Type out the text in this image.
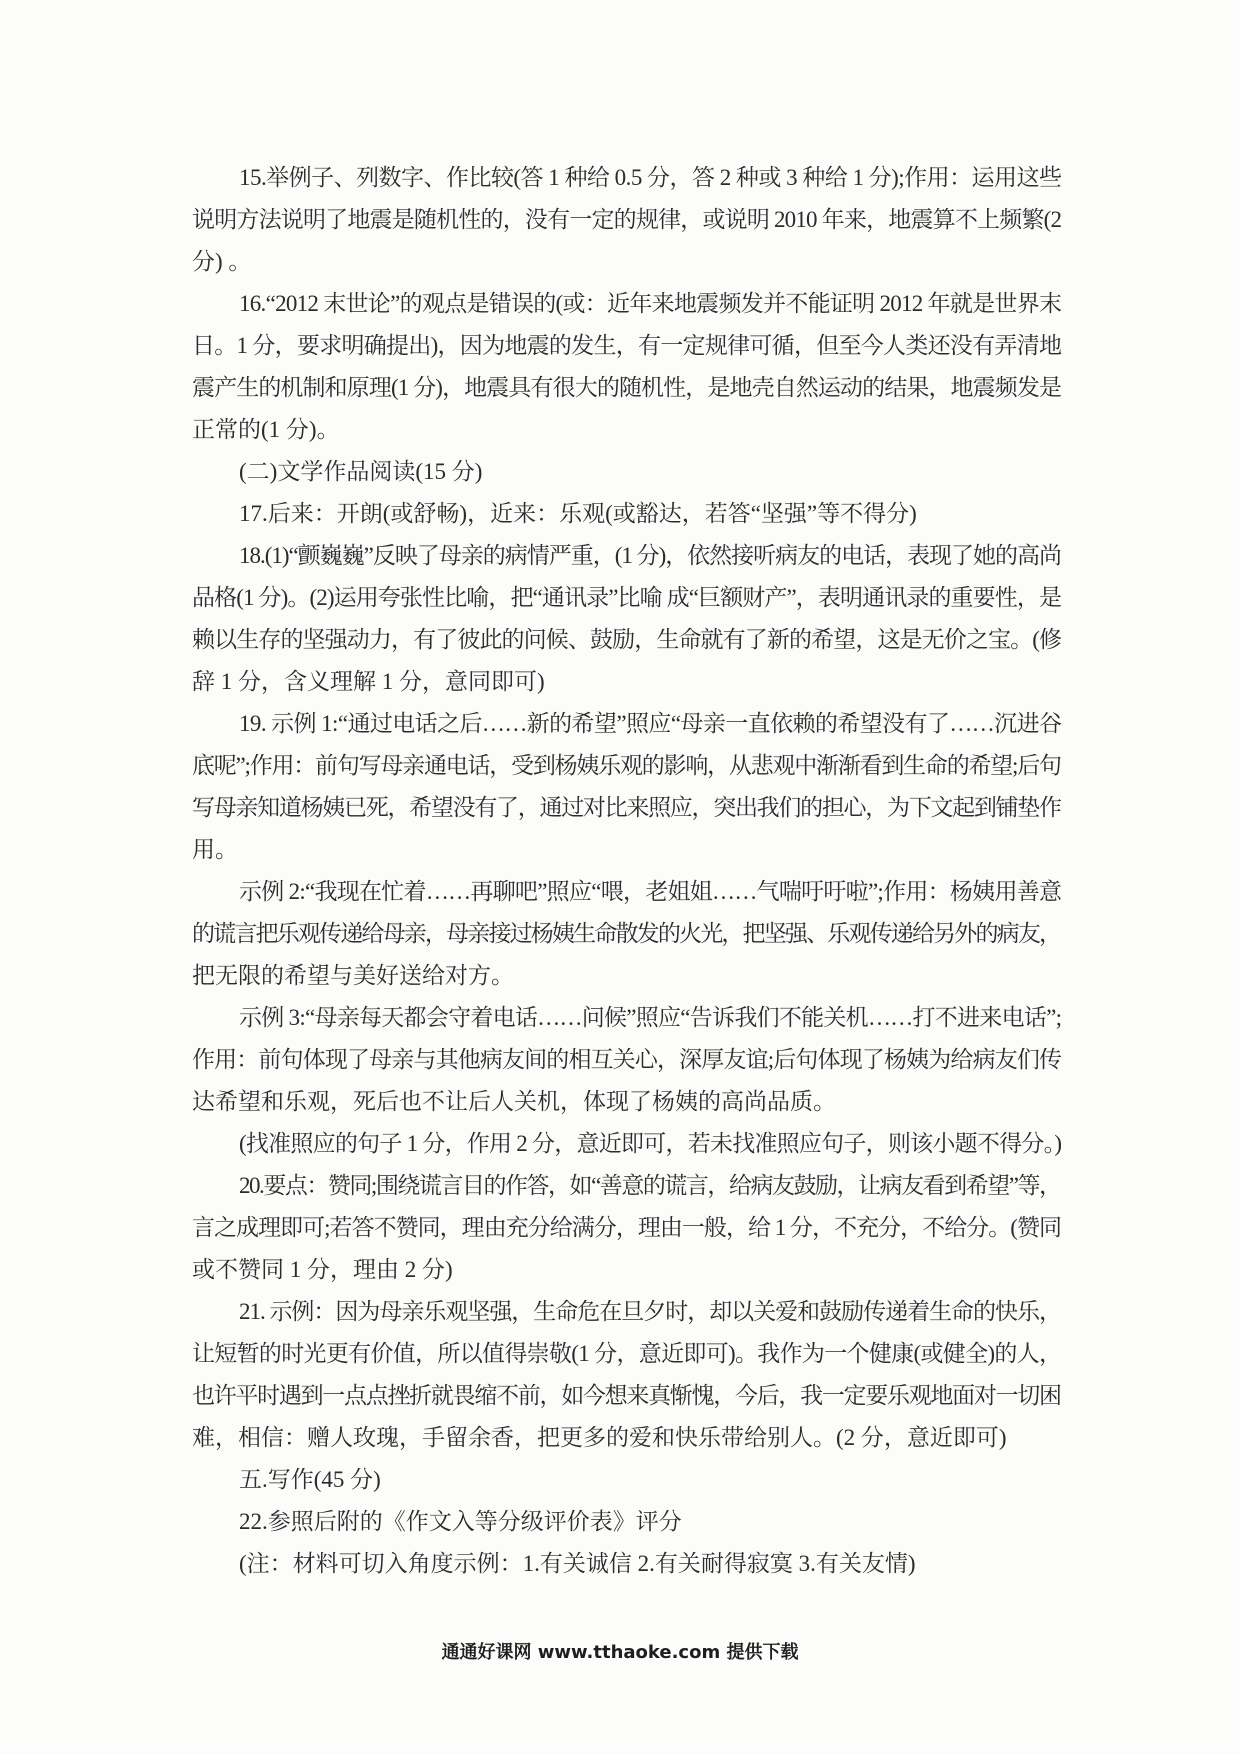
15.举例子、列数字、作比较(答 1 种给 0.5 分，答 2 种或 3 种给 1 分);作用：运用这些
说明方法说明了地震是随机性的，没有一定的规律，或说明 2010 年来，地震算不上频繁(2
分) 。
16.“2012 末世论”的观点是错误的(或：近年来地震频发并不能证明 2012 年就是世界末
日。1 分，要求明确提出)，因为地震的发生，有一定规律可循，但至今人类还没有弄清地
震产生的机制和原理(1 分)，地震具有很大的随机性，是地壳自然运动的结果，地震频发是
正常的(1 分)。
(二)文学作品阅读(15 分)
17.后来：开朗(或舒畅)，近来：乐观(或豁达，若答“坚强”等不得分)
18.(1)“颤巍巍”反映了母亲的病情严重，(1 分)，依然接听病友的电话，表现了她的高尚
品格(1 分)。(2)运用夸张性比喻，把“通讯录”比喻 成“巨额财产”，表明通讯录的重要性，是
赖以生存的坚强动力，有了彼此的问候、鼓励，生命就有了新的希望，这是无价之宝。(修
辞 1 分，含义理解 1 分，意同即可)
19. 示例 1:“通过电话之后……新的希望”照应“母亲一直依赖的希望没有了……沉进谷
底呢”;作用：前句写母亲通电话，受到杨姨乐观的影响，从悲观中渐渐看到生命的希望;后句
写母亲知道杨姨已死，希望没有了，通过对比来照应，突出我们的担心，为下文起到铺垫作
用。
示例 2:“我现在忙着……再聊吧”照应“喂，老姐姐……气喘吁吁啦”;作用：杨姨用善意
的谎言把乐观传递给母亲，母亲接过杨姨生命散发的火光，把坚强、乐观传递给另外的病友，
把无限的希望与美好送给对方。
示例 3:“母亲每天都会守着电话……问候”照应“告诉我们不能关机……打不进来电话”;
作用：前句体现了母亲与其他病友间的相互关心，深厚友谊;后句体现了杨姨为给病友们传
达希望和乐观，死后也不让后人关机，体现了杨姨的高尚品质。
(找准照应的句子 1 分，作用 2 分，意近即可，若未找准照应句子，则该小题不得分。)
20.要点：赞同;围绕谎言目的作答，如“善意的谎言，给病友鼓励，让病友看到希望”等，
言之成理即可;若答不赞同，理由充分给满分，理由一般，给 1 分，不充分，不给分。(赞同
或不赞同 1 分，理由 2 分)
21. 示例：因为母亲乐观坚强，生命危在旦夕时，却以关爱和鼓励传递着生命的快乐，
让短暂的时光更有价值，所以值得崇敬(1 分，意近即可)。我作为一个健康(或健全)的人，
也许平时遇到一点点挫折就畏缩不前，如今想来真惭愧，今后，我一定要乐观地面对一切困
难，相信：赠人玫瑰，手留余香，把更多的爱和快乐带给别人。(2 分，意近即可)
五.写作(45 分)
22.参照后附的《作文入等分级评价表》评分
(注：材料可切入角度示例：1.有关诚信 2.有关耐得寂寞 3.有关友情)
通通好课网 www.tthaoke.com 提供下载
